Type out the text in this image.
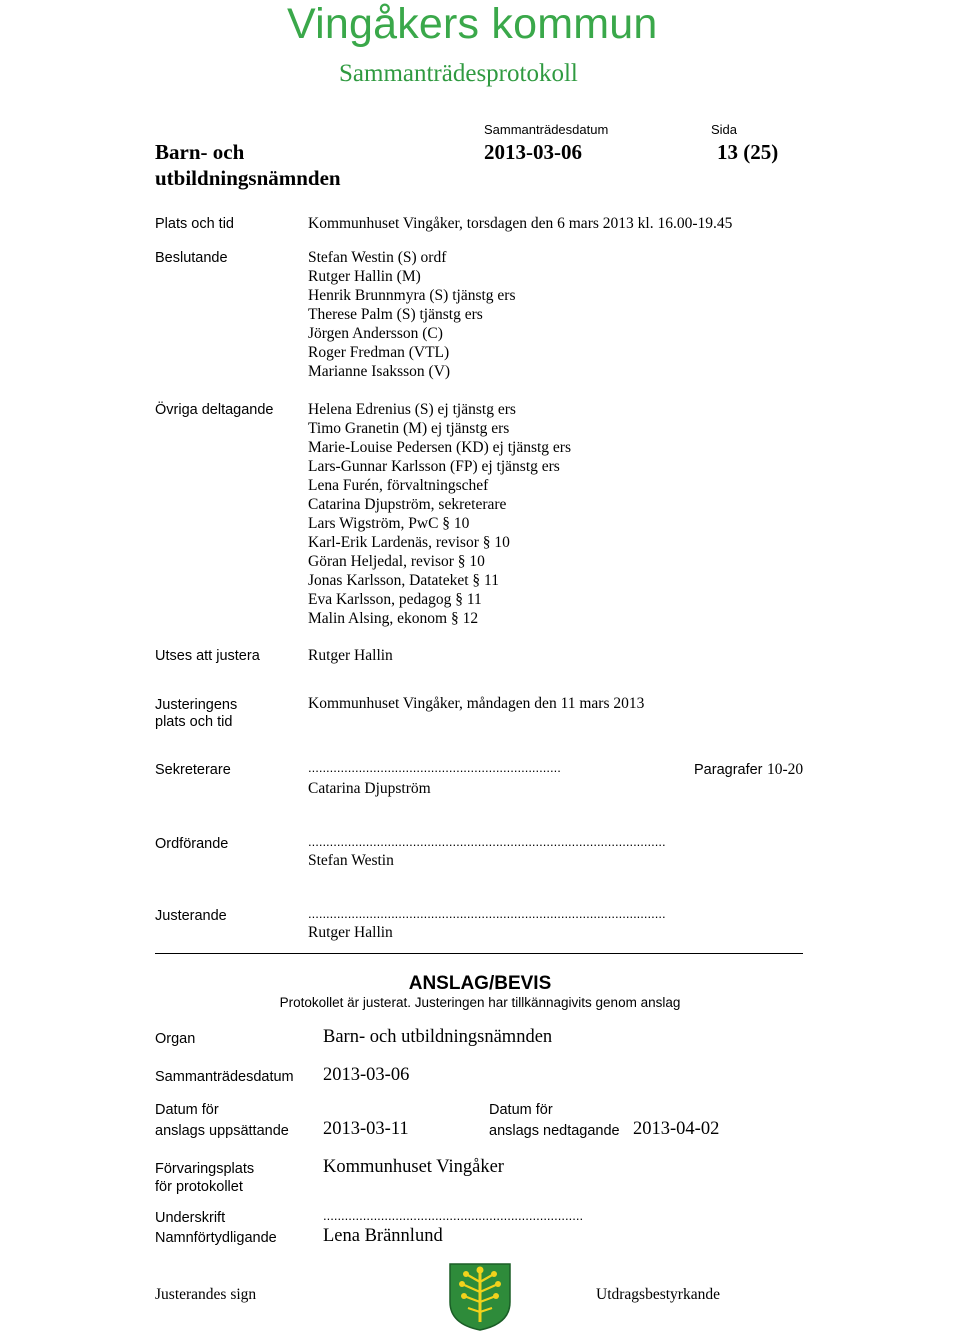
Vingåkers kommun
Sammanträdesprotokoll
Sammanträdesdatum	Sida
Barn- och
utbildningsnämnden
2013-03-06	13 (25)
Plats och tid	Kommunhuset Vingåker, torsdagen den 6 mars 2013 kl. 16.00-19.45
Beslutande	Stefan Westin (S) ordf
Rutger Hallin (M)
Henrik Brunnmyra (S) tjänstg ers
Therese Palm (S) tjänstg ers
Jörgen Andersson (C)
Roger Fredman (VTL)
Marianne Isaksson (V)
Övriga deltagande Helena Edrenius (S) ej tjänstg ers
Timo Granetin (M) ej tjänstg ers
Marie-Louise Pedersen (KD) ej tjänstg ers
Lars-Gunnar Karlsson (FP) ej tjänstg ers
Lena Furén, förvaltningschef
Catarina Djupström, sekreterare
Lars Wigström, PwC § 10
Karl-Erik Lardenäs, revisor § 10
Göran Heljedal, revisor § 10
Jonas Karlsson, Datateket § 11
Eva Karlsson, pedagog § 11
Malin Alsing, ekonom § 12
Utses att justera	Rutger Hallin
Justeringens
plats och tid
Kommunhuset Vingåker, måndagen den 11 mars 2013
Sekreterare	......................................................................
Catarina Djupström
Paragrafer 10-20
Ordförande	...................................................................................................
Stefan Westin
Justerande	...................................................................................................
Rutger Hallin
ANSLAG/BEVIS
Protokollet är justerat. Justeringen har tillkännagivits genom anslag
Organ	Barn- och utbildningsnämnden
Sammanträdesdatum 2013-03-06
Datum för
anslags uppsättande 2013-03-11
Datum för
anslags nedtagande 2013-04-02
Förvaringsplats
för protokollet
Kommunhuset Vingåker
Underskrift	........................................................................
Namnförtydligande	Lena Brännlund
Justerandes sign	Utdragsbestyrkande
